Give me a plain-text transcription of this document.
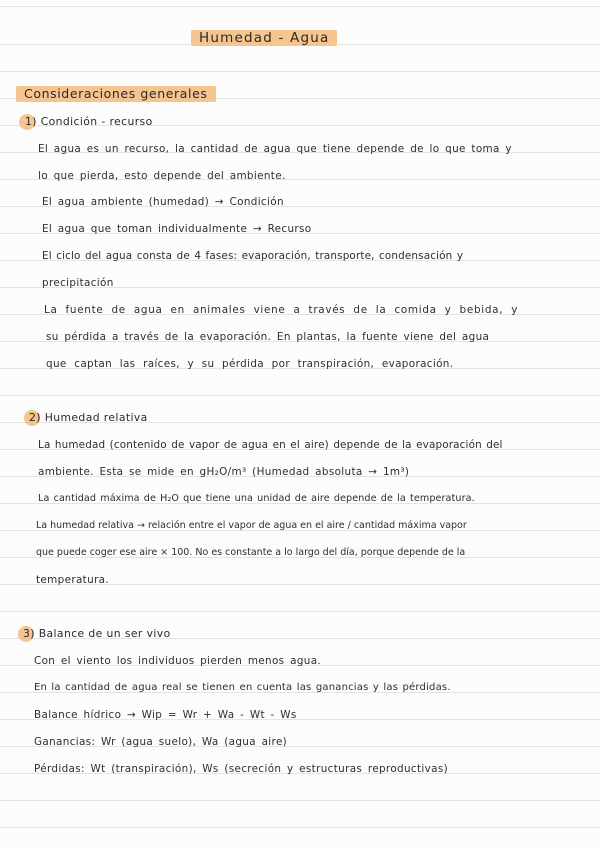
Humedad - Agua
Consideraciones generales
1) Condición - recurso
El agua es un recurso, la cantidad de agua que tiene depende de lo que toma y
lo que pierda, esto depende del ambiente.
El agua ambiente (humedad) → Condición
El agua que toman individualmente → Recurso
El ciclo del agua consta de 4 fases: evaporación, transporte, condensación y
precipitación
La fuente de agua en animales viene a través de la comida y bebida, y
su pérdida a través de la evaporación. En plantas, la fuente viene del agua
que captan las raíces, y su pérdida por transpiración, evaporación.
2) Humedad relativa
La humedad (contenido de vapor de agua en el aire) depende de la evaporación del
ambiente. Esta se mide en gH₂O/m³ (Humedad absoluta → 1m³)
La cantidad máxima de H₂O que tiene una unidad de aire depende de la temperatura.
La humedad relativa → relación entre el vapor de agua en el aire / cantidad máxima vapor
que puede coger ese aire × 100. No es constante a lo largo del día, porque depende de la
temperatura.
3) Balance de un ser vivo
Con el viento los individuos pierden menos agua.
En la cantidad de agua real se tienen en cuenta las ganancias y las pérdidas.
Balance hídrico → Wip = Wr + Wa - Wt - Ws
Ganancias: Wr (agua suelo), Wa (agua aire)
Pérdidas: Wt (transpiración), Ws (secreción y estructuras reproductivas)
